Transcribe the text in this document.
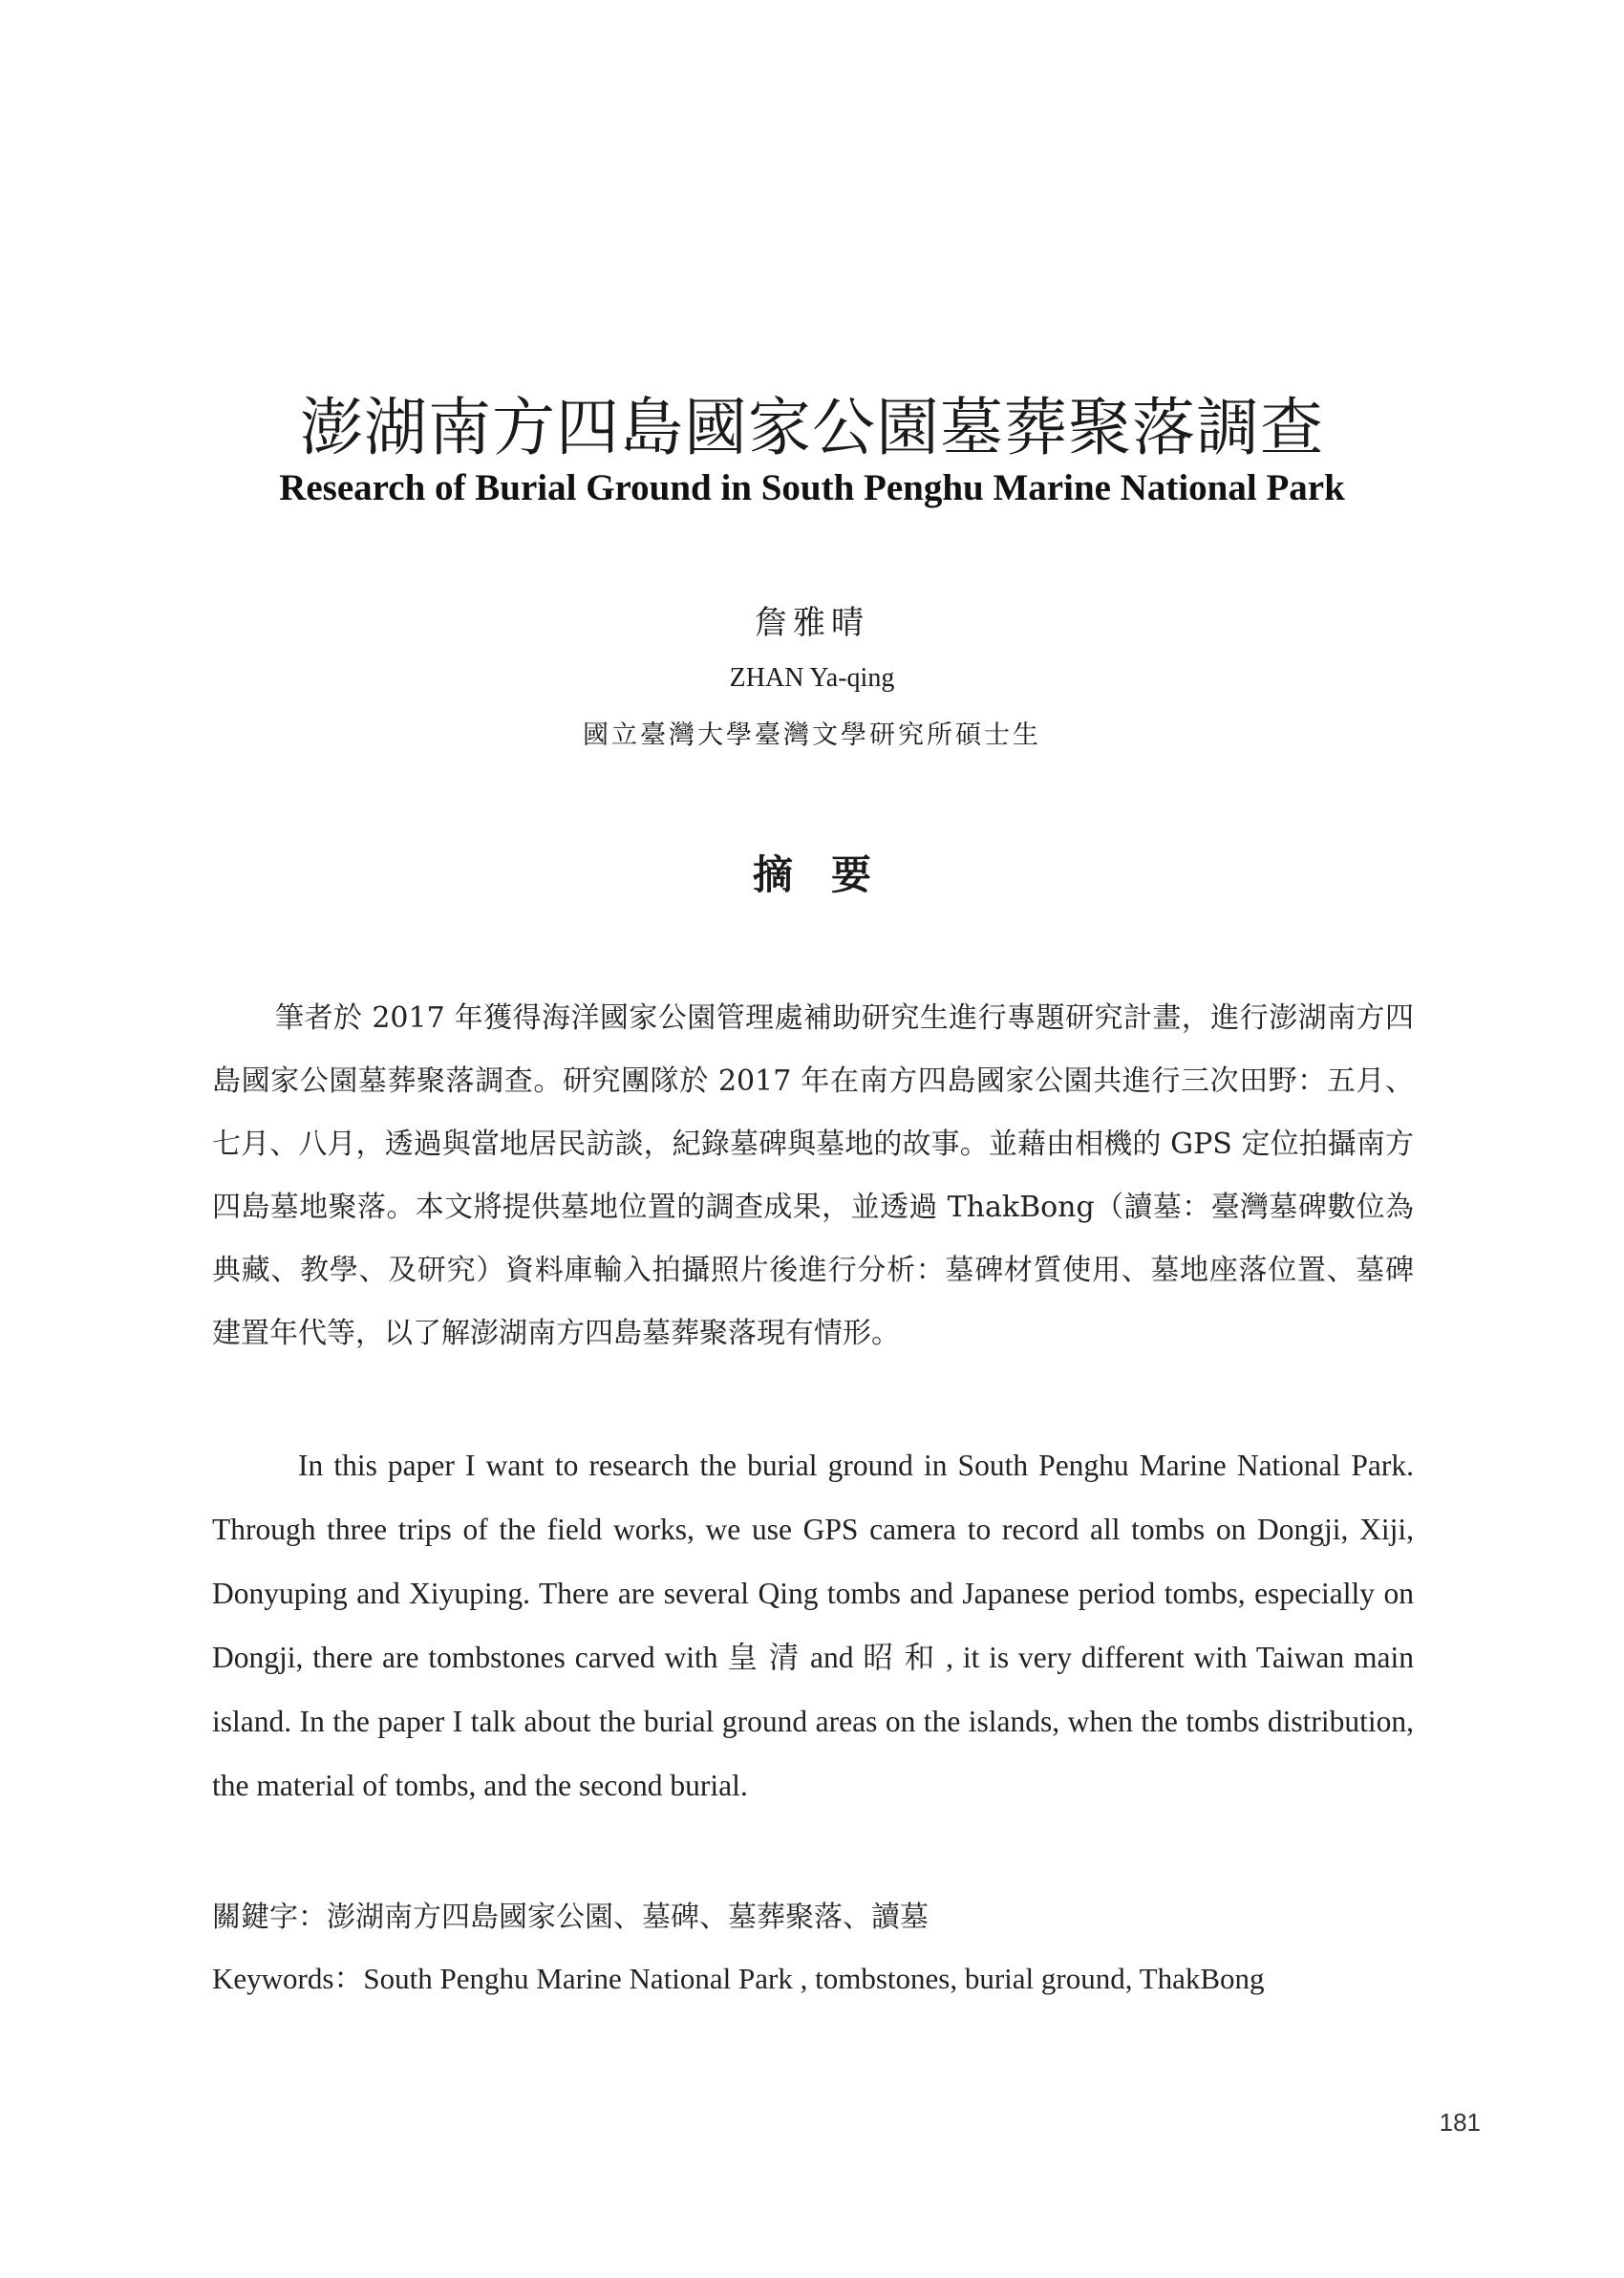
澎湖南方四島國家公園墓葬聚落調查
Research of Burial Ground in South Penghu Marine National Park

詹雅晴

ZHAN Ya-qing

國立臺灣大學臺灣文學研究所碩士生

摘要

筆者於 2017 年獲得海洋國家公園管理處補助研究生進行專題研究計畫，進行澎湖南方四島國家公園墓葬聚落調查。研究團隊於 2017 年在南方四島國家公園共進行三次田野：五月、七月、八月，透過與當地居民訪談，紀錄墓碑與墓地的故事。並藉由相機的 GPS 定位拍攝南方四島墓地聚落。本文將提供墓地位置的調查成果，並透過 ThakBong（讀墓：臺灣墓碑數位為典藏、教學、及研究）資料庫輸入拍攝照片後進行分析：墓碑材質使用、墓地座落位置、墓碑建置年代等，以了解澎湖南方四島墓葬聚落現有情形。

In this paper I want to research the burial ground in South Penghu Marine National Park. Through three trips of the field works, we use GPS camera to record all tombs on Dongji, Xiji, Donyuping and Xiyuping. There are several Qing tombs and Japanese period tombs, especially on Dongji, there are tombstones carved with 皇 清 and 昭 和 , it is very different with Taiwan main island. In the paper I talk about the burial ground areas on the islands, when the tombs distribution, the material of tombs, and the second burial.

關鍵字：澎湖南方四島國家公園、墓碑、墓葬聚落、讀墓

Keywords：South Penghu Marine National Park , tombstones, burial ground, ThakBong

181
